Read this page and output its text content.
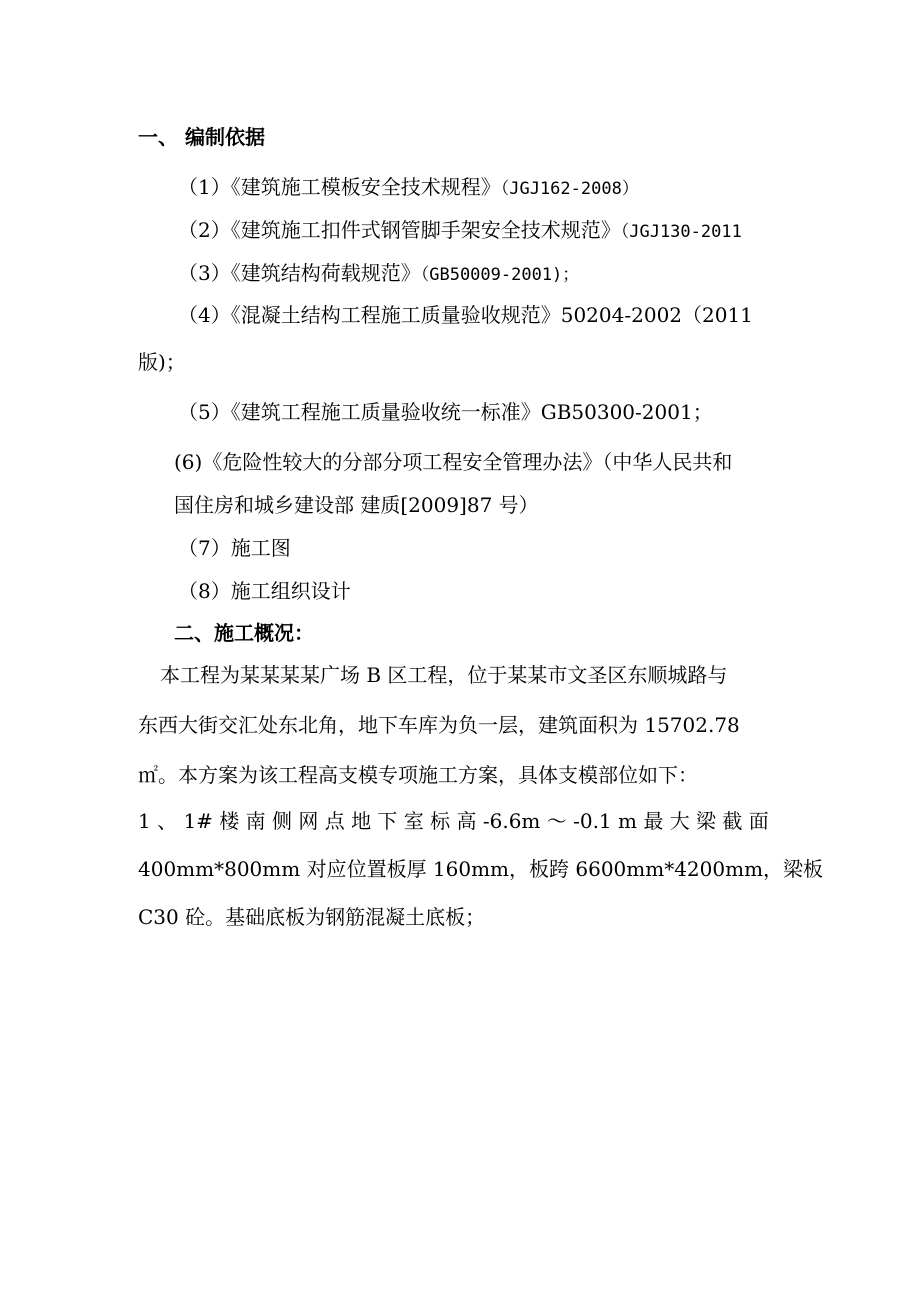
一、 编制依据
（1）《建筑施工模板安全技术规程》（JGJ162-2008）
（2）《建筑施工扣件式钢管脚手架安全技术规范》（JGJ130-2011
（3）《建筑结构荷载规范》（GB50009-2001)；
（4）《混凝土结构工程施工质量验收规范》50204-2002（2011
版)；
（5）《建筑工程施工质量验收统一标准》GB50300-2001；
(6)《危险性较大的分部分项工程安全管理办法》（中华人民共和
国住房和城乡建设部 建质[2009]87 号）
（7）施工图
（8）施工组织设计
二、施工概况：
本工程为某某某某广场 B 区工程，位于某某市文圣区东顺城路与
东西大街交汇处东北角，地下车库为负一层，建筑面积为 15702.78
㎡。本方案为该工程高支模专项施工方案，具体支模部位如下：
1 、 1# 楼 南 侧 网 点 地 下 室 标 高 -6.6m ～ -0.1 m 最 大 梁 截 面
400mm*800mm 对应位置板厚 160mm，板跨 6600mm*4200mm，梁板
C30 砼。基础底板为钢筋混凝土底板；
